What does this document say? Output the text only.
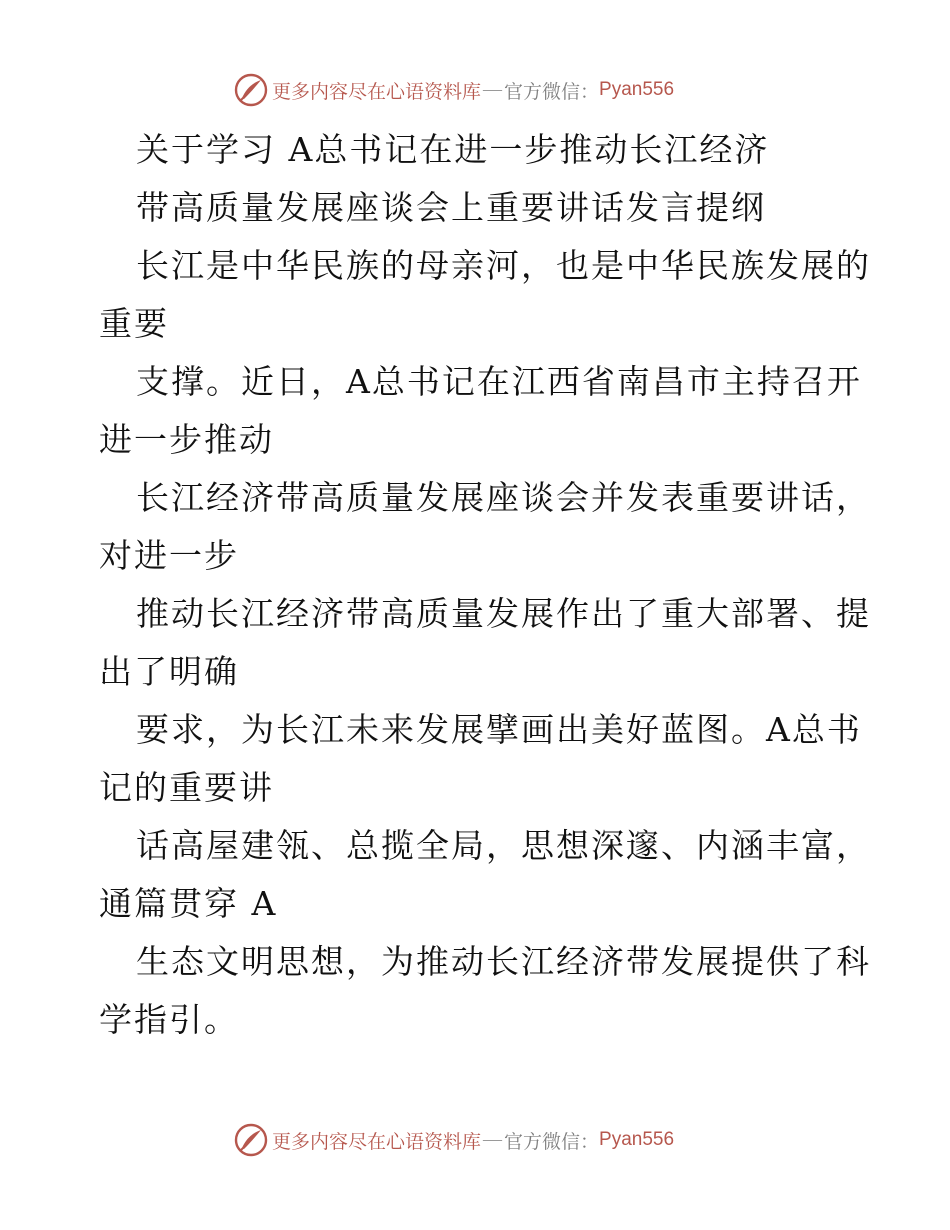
更多内容尽在心语资料库 — 官方微信： Pyan556
关于学习 A总书记在进一步推动长江经济
带高质量发展座谈会上重要讲话发言提纲
长江是中华民族的母亲河，也是中华民族发展的
重要
支撑。近日，A总书记在江西省南昌市主持召开
进一步推动
长江经济带高质量发展座谈会并发表重要讲话，
对进一步
推动长江经济带高质量发展作出了重大部署、提
出了明确
要求，为长江未来发展擘画出美好蓝图。A总书
记的重要讲
话高屋建瓴、总揽全局，思想深邃、内涵丰富，
通篇贯穿 A
生态文明思想，为推动长江经济带发展提供了科
学指引。
更多内容尽在心语资料库 — 官方微信： Pyan556
